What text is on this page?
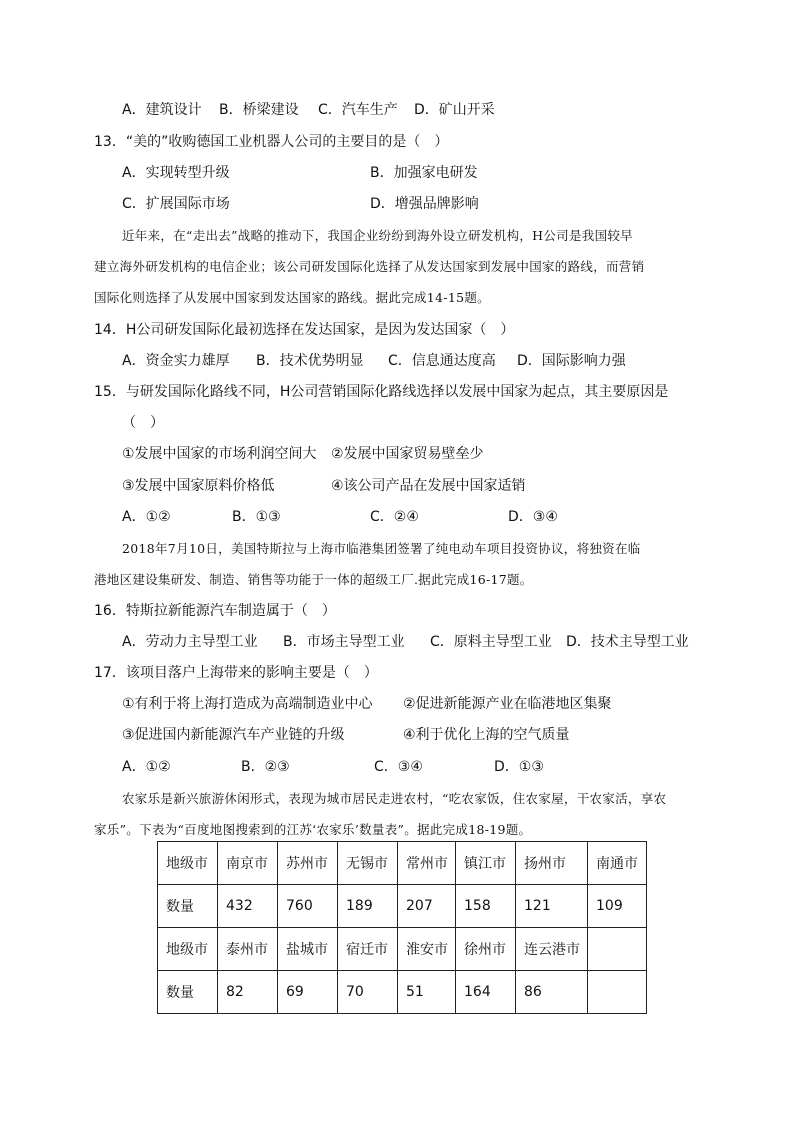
A．建筑设计 B．桥梁建设 C．汽车生产 D．矿山开采
13．“美的”收购德国工业机器人公司的主要目的是（　）
A．实现转型升级	B．加强家电研发
C．扩展国际市场	D．增强品牌影响
近年来，在“走出去”战略的推动下，我国企业纷纷到海外设立研发机构，H公司是我国较早
建立海外研发机构的电信企业；该公司研发国际化选择了从发达国家到发展中国家的路线，而营销
国际化则选择了从发展中国家到发达国家的路线。据此完成14-15题。
14．H公司研发国际化最初选择在发达国家，是因为发达国家（　）
A．资金实力雄厚 B．技术优势明显 C．信息通达度高 D．国际影响力强
15．与研发国际化路线不同，H公司营销国际化路线选择以发展中国家为起点，其主要原因是
（　）
①发展中国家的市场利润空间大 ②发展中国家贸易壁垒少
③发展中国家原料价格低	④该公司产品在发展中国家适销
A．①②	B．①③	C．②④	D．③④
2018年7月10日，美国特斯拉与上海市临港集团签署了纯电动车项目投资协议，将独资在临
港地区建设集研发、制造、销售等功能于一体的超级工厂.据此完成16-17题。
16．特斯拉新能源汽车制造属于（　）
A．劳动力主导型工业 B．市场主导型工业 C．原料主导型工业 D．技术主导型工业
17．该项目落户上海带来的影响主要是（　）
①有利于将上海打造成为高端制造业中心 ②促进新能源产业在临港地区集聚
③促进国内新能源汽车产业链的升级	④利于优化上海的空气质量
A．①②	B．②③	C．③④	D．①③
农家乐是新兴旅游休闲形式，表现为城市居民走进农村，“吃农家饭，住农家屋，干农家活，享农
家乐”。下表为“百度地图搜索到的江苏‘农家乐’数量表”。据此完成18-19题。
地级市	南京市	苏州市	无锡市	常州市	镇江市	扬州市	南通市
数量	432	760	189	207	158	121	109
地级市	泰州市	盐城市	宿迁市	淮安市	徐州市	连云港市	
数量	82	69	70	51	164	86	
